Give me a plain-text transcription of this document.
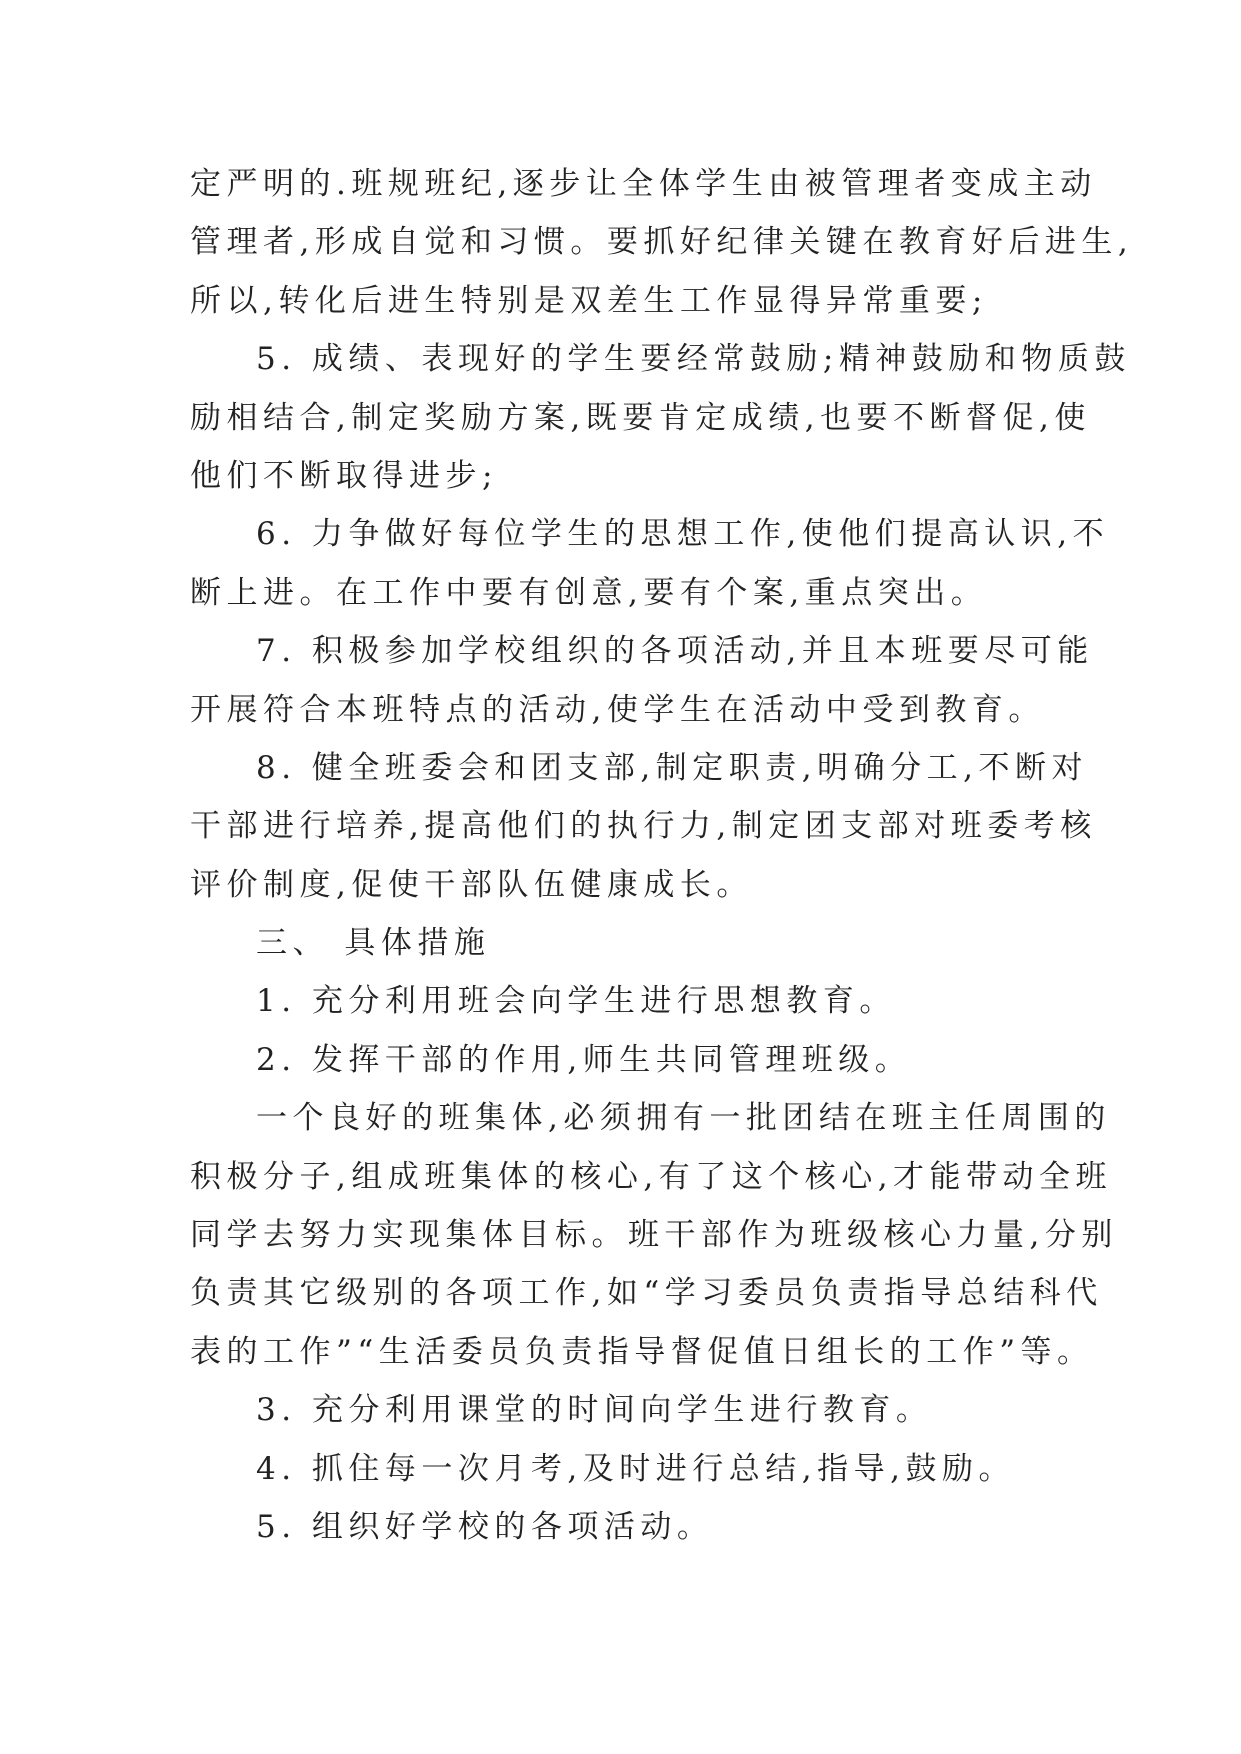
定严明的.班规班纪,逐步让全体学生由被管理者变成主动
管理者,形成自觉和习惯。要抓好纪律关键在教育好后进生,
所以,转化后进生特别是双差生工作显得异常重要;
5. 成绩、表现好的学生要经常鼓励;精神鼓励和物质鼓
励相结合,制定奖励方案,既要肯定成绩,也要不断督促,使
他们不断取得进步;
6. 力争做好每位学生的思想工作,使他们提高认识,不
断上进。在工作中要有创意,要有个案,重点突出。
7. 积极参加学校组织的各项活动,并且本班要尽可能
开展符合本班特点的活动,使学生在活动中受到教育。
8. 健全班委会和团支部,制定职责,明确分工,不断对
干部进行培养,提高他们的执行力,制定团支部对班委考核
评价制度,促使干部队伍健康成长。
三、 具体措施
1. 充分利用班会向学生进行思想教育。
2. 发挥干部的作用,师生共同管理班级。
一个良好的班集体,必须拥有一批团结在班主任周围的
积极分子,组成班集体的核心,有了这个核心,才能带动全班
同学去努力实现集体目标。班干部作为班级核心力量,分别
负责其它级别的各项工作,如“学习委员负责指导总结科代
表的工作”“生活委员负责指导督促值日组长的工作”等。
3. 充分利用课堂的时间向学生进行教育。
4. 抓住每一次月考,及时进行总结,指导,鼓励。
5. 组织好学校的各项活动。
